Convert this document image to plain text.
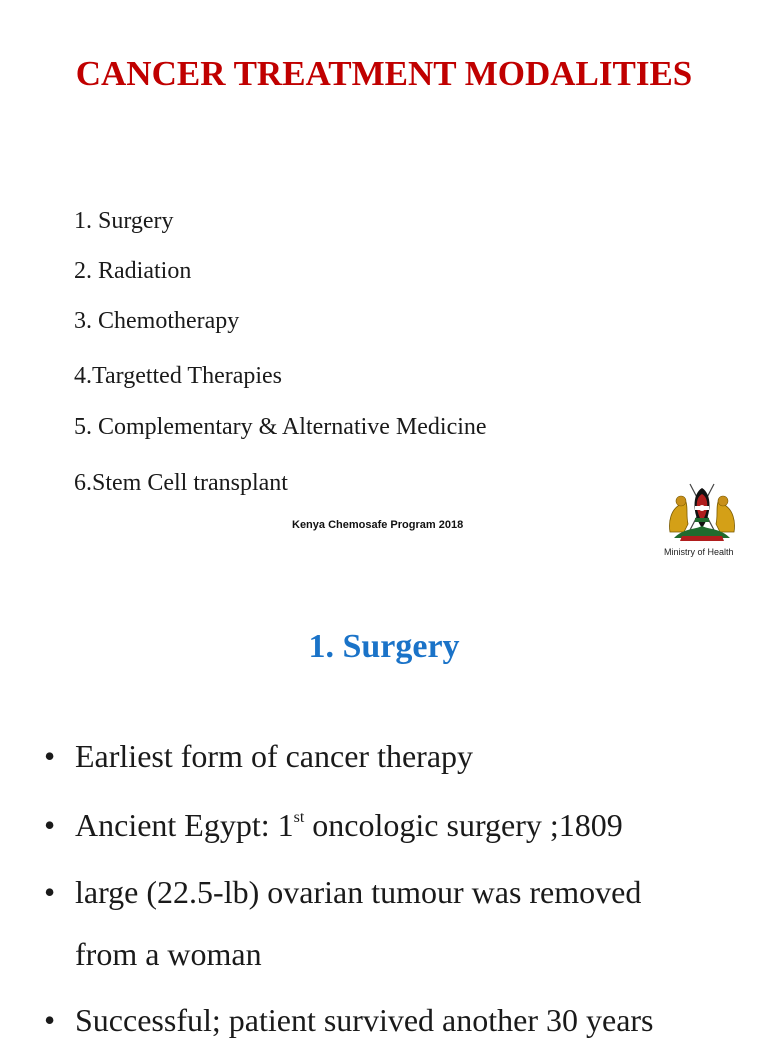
CANCER TREATMENT MODALITIES

1. Surgery

2. Radiation

3. Chemotherapy

4.Targetted Therapies

5. Complementary & Alternative Medicine

6.Stem Cell transplant

Kenya Chemosafe Program 2018
Ministry of Health
1. Surgery
• Earliest form of cancer therapy
• Ancient Egypt: 1st oncologic surgery ;1809
• large (22.5-lb) ovarian tumour was removed
from a woman
• Successful; patient survived another 30 years
